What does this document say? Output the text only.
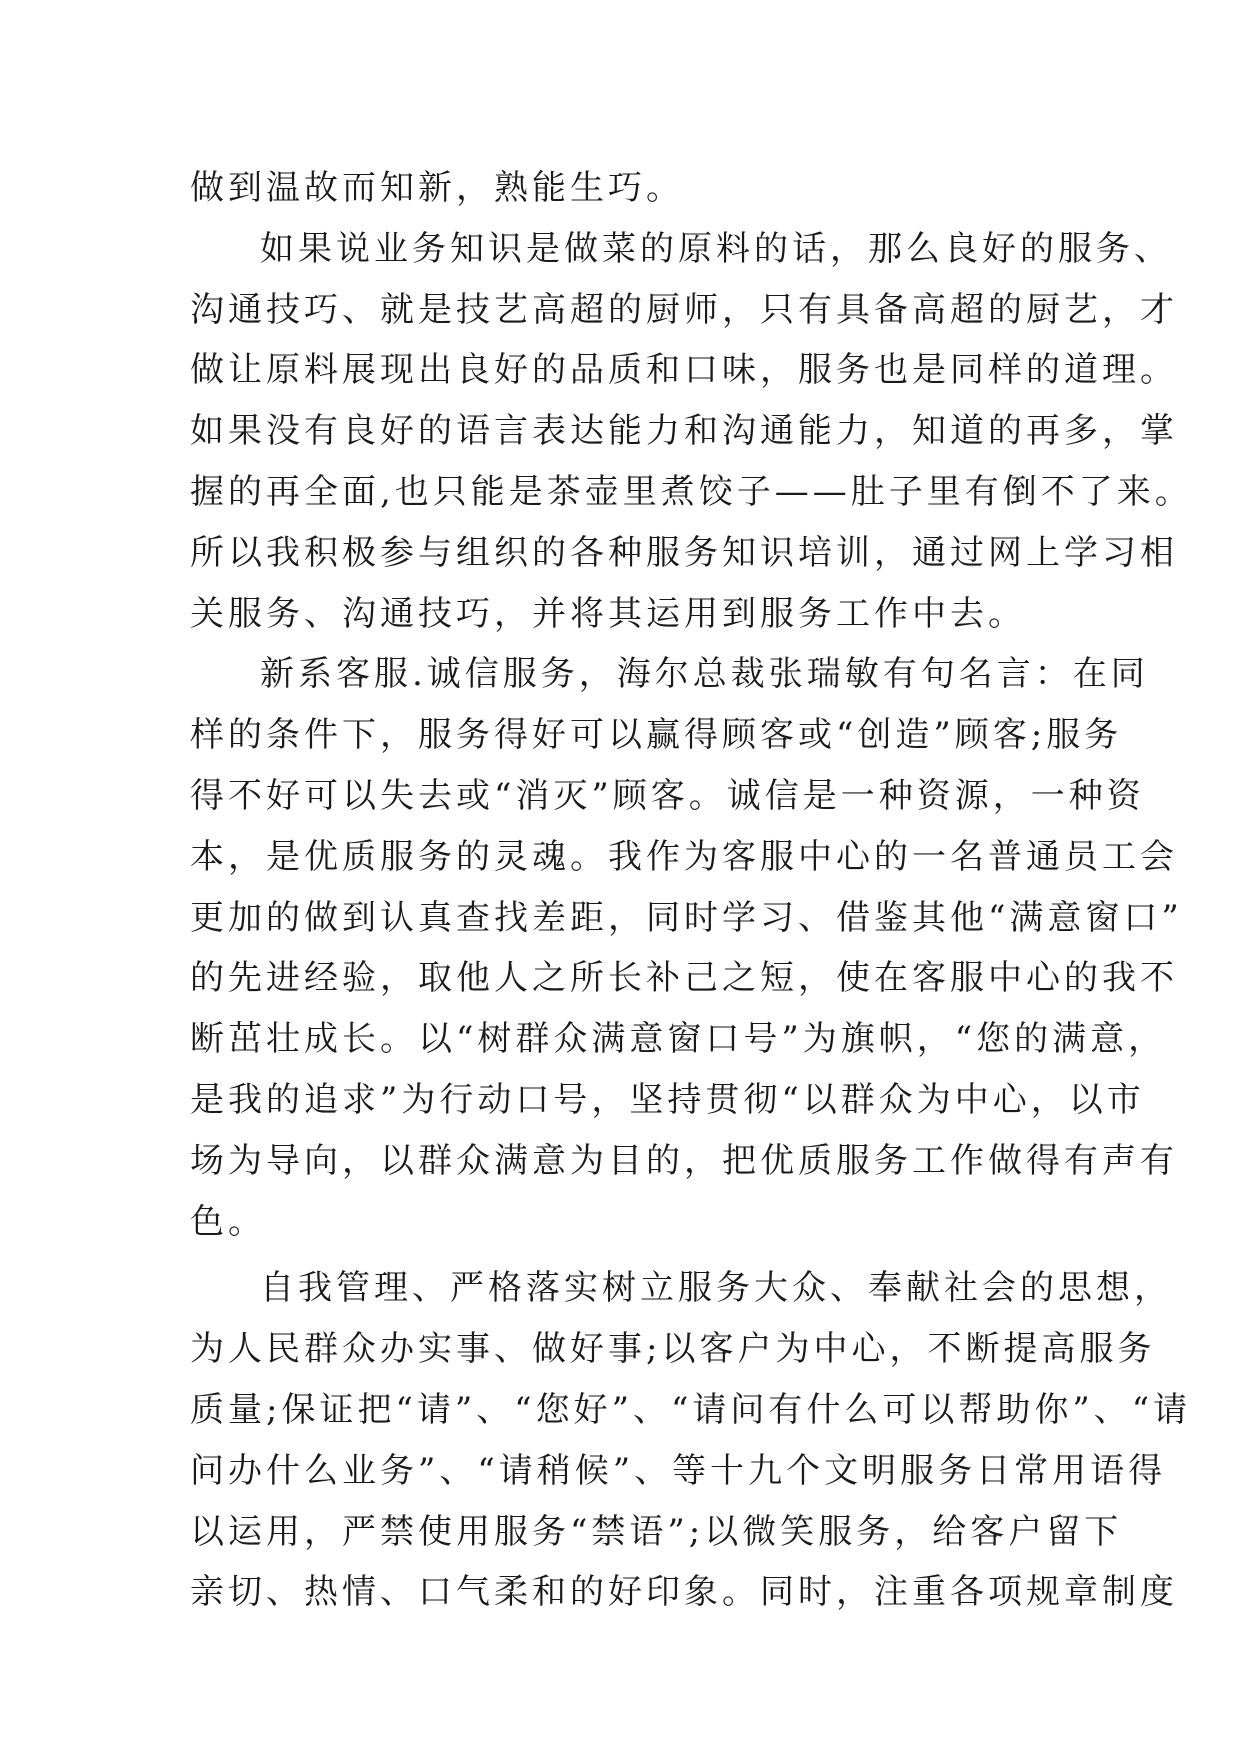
做到温故而知新，熟能生巧。
如果说业务知识是做菜的原料的话，那么良好的服务、
沟通技巧、就是技艺高超的厨师，只有具备高超的厨艺，才
做让原料展现出良好的品质和口味，服务也是同样的道理。
如果没有良好的语言表达能力和沟通能力，知道的再多，掌
握的再全面,也只能是茶壶里煮饺子——肚子里有倒不了来。
所以我积极参与组织的各种服务知识培训，通过网上学习相
关服务、沟通技巧，并将其运用到服务工作中去。
新系客服.诚信服务，海尔总裁张瑞敏有句名言：在同
样的条件下，服务得好可以赢得顾客或“创造”顾客;服务
得不好可以失去或“消灭”顾客。诚信是一种资源，一种资
本，是优质服务的灵魂。我作为客服中心的一名普通员工会
更加的做到认真查找差距，同时学习、借鉴其他“满意窗口”
的先进经验，取他人之所长补己之短，使在客服中心的我不
断茁壮成长。以“树群众满意窗口号”为旗帜，“您的满意，
是我的追求”为行动口号，坚持贯彻“以群众为中心，以市
场为导向，以群众满意为目的，把优质服务工作做得有声有
色。
自我管理、严格落实树立服务大众、奉献社会的思想，
为人民群众办实事、做好事;以客户为中心，不断提高服务
质量;保证把“请”、“您好”、“请问有什么可以帮助你”、“请
问办什么业务”、“请稍候”、等十九个文明服务日常用语得
以运用，严禁使用服务“禁语”;以微笑服务，给客户留下
亲切、热情、口气柔和的好印象。同时，注重各项规章制度
